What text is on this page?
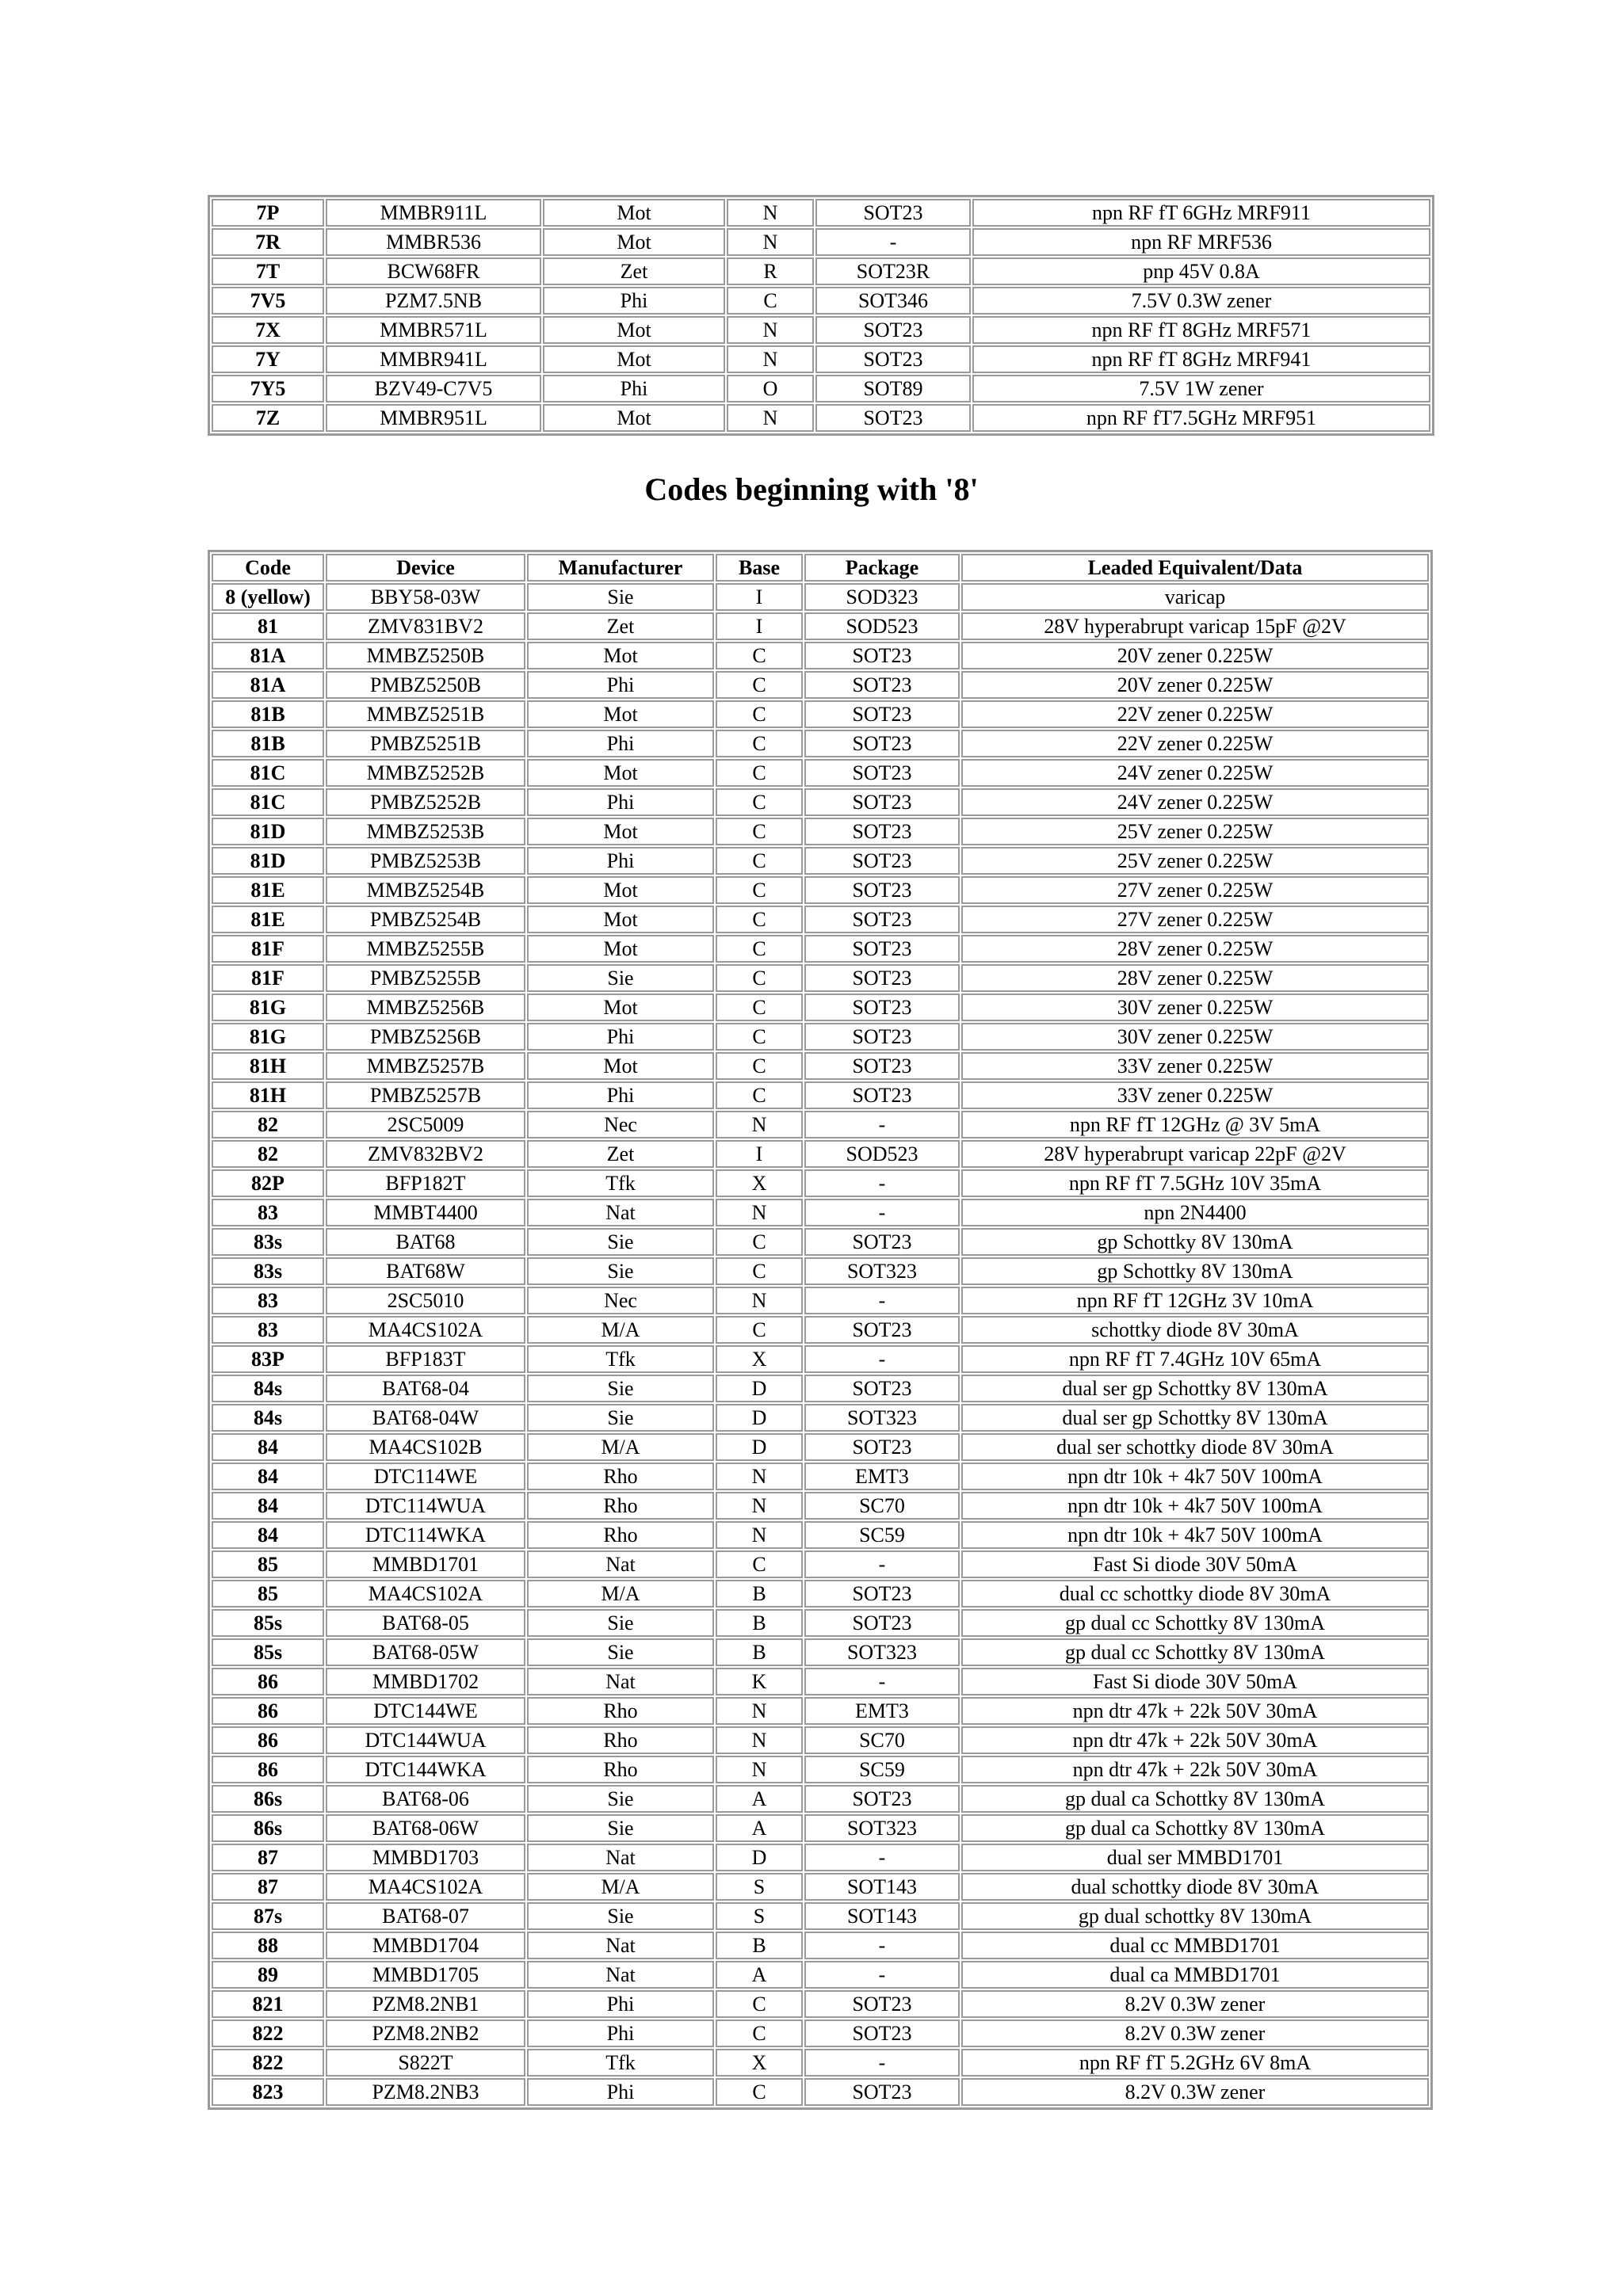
7P	MMBR911L	Mot	N	SOT23	npn RF fT 6GHz MRF911
7R	MMBR536	Mot	N	-	npn RF MRF536
7T	BCW68FR	Zet	R	SOT23R	pnp 45V 0.8A
7V5	PZM7.5NB	Phi	C	SOT346	7.5V 0.3W zener
7X	MMBR571L	Mot	N	SOT23	npn RF fT 8GHz MRF571
7Y	MMBR941L	Mot	N	SOT23	npn RF fT 8GHz MRF941
7Y5	BZV49-C7V5	Phi	O	SOT89	7.5V 1W zener
7Z	MMBR951L	Mot	N	SOT23	npn RF fT7.5GHz MRF951
Codes beginning with '8'
Code	Device	Manufacturer	Base	Package	Leaded Equivalent/Data
8 (yellow)	BBY58-03W	Sie	I	SOD323	varicap
81	ZMV831BV2	Zet	I	SOD523	28V hyperabrupt varicap 15pF @2V
81A	MMBZ5250B	Mot	C	SOT23	20V zener 0.225W
81A	PMBZ5250B	Phi	C	SOT23	20V zener 0.225W
81B	MMBZ5251B	Mot	C	SOT23	22V zener 0.225W
81B	PMBZ5251B	Phi	C	SOT23	22V zener 0.225W
81C	MMBZ5252B	Mot	C	SOT23	24V zener 0.225W
81C	PMBZ5252B	Phi	C	SOT23	24V zener 0.225W
81D	MMBZ5253B	Mot	C	SOT23	25V zener 0.225W
81D	PMBZ5253B	Phi	C	SOT23	25V zener 0.225W
81E	MMBZ5254B	Mot	C	SOT23	27V zener 0.225W
81E	PMBZ5254B	Mot	C	SOT23	27V zener 0.225W
81F	MMBZ5255B	Mot	C	SOT23	28V zener 0.225W
81F	PMBZ5255B	Sie	C	SOT23	28V zener 0.225W
81G	MMBZ5256B	Mot	C	SOT23	30V zener 0.225W
81G	PMBZ5256B	Phi	C	SOT23	30V zener 0.225W
81H	MMBZ5257B	Mot	C	SOT23	33V zener 0.225W
81H	PMBZ5257B	Phi	C	SOT23	33V zener 0.225W
82	2SC5009	Nec	N	-	npn RF fT 12GHz @ 3V 5mA
82	ZMV832BV2	Zet	I	SOD523	28V hyperabrupt varicap 22pF @2V
82P	BFP182T	Tfk	X	-	npn RF fT 7.5GHz 10V 35mA
83	MMBT4400	Nat	N	-	npn 2N4400
83s	BAT68	Sie	C	SOT23	gp Schottky 8V 130mA
83s	BAT68W	Sie	C	SOT323	gp Schottky 8V 130mA
83	2SC5010	Nec	N	-	npn RF fT 12GHz 3V 10mA
83	MA4CS102A	M/A	C	SOT23	schottky diode 8V 30mA
83P	BFP183T	Tfk	X	-	npn RF fT 7.4GHz 10V 65mA
84s	BAT68-04	Sie	D	SOT23	dual ser gp Schottky 8V 130mA
84s	BAT68-04W	Sie	D	SOT323	dual ser gp Schottky 8V 130mA
84	MA4CS102B	M/A	D	SOT23	dual ser schottky diode 8V 30mA
84	DTC114WE	Rho	N	EMT3	npn dtr 10k + 4k7 50V 100mA
84	DTC114WUA	Rho	N	SC70	npn dtr 10k + 4k7 50V 100mA
84	DTC114WKA	Rho	N	SC59	npn dtr 10k + 4k7 50V 100mA
85	MMBD1701	Nat	C	-	Fast Si diode 30V 50mA
85	MA4CS102A	M/A	B	SOT23	dual cc schottky diode 8V 30mA
85s	BAT68-05	Sie	B	SOT23	gp dual cc Schottky 8V 130mA
85s	BAT68-05W	Sie	B	SOT323	gp dual cc Schottky 8V 130mA
86	MMBD1702	Nat	K	-	Fast Si diode 30V 50mA
86	DTC144WE	Rho	N	EMT3	npn dtr 47k + 22k 50V 30mA
86	DTC144WUA	Rho	N	SC70	npn dtr 47k + 22k 50V 30mA
86	DTC144WKA	Rho	N	SC59	npn dtr 47k + 22k 50V 30mA
86s	BAT68-06	Sie	A	SOT23	gp dual ca Schottky 8V 130mA
86s	BAT68-06W	Sie	A	SOT323	gp dual ca Schottky 8V 130mA
87	MMBD1703	Nat	D	-	dual ser MMBD1701
87	MA4CS102A	M/A	S	SOT143	dual schottky diode 8V 30mA
87s	BAT68-07	Sie	S	SOT143	gp dual schottky 8V 130mA
88	MMBD1704	Nat	B	-	dual cc MMBD1701
89	MMBD1705	Nat	A	-	dual ca MMBD1701
821	PZM8.2NB1	Phi	C	SOT23	8.2V 0.3W zener
822	PZM8.2NB2	Phi	C	SOT23	8.2V 0.3W zener
822	S822T	Tfk	X	-	npn RF fT 5.2GHz 6V 8mA
823	PZM8.2NB3	Phi	C	SOT23	8.2V 0.3W zener
